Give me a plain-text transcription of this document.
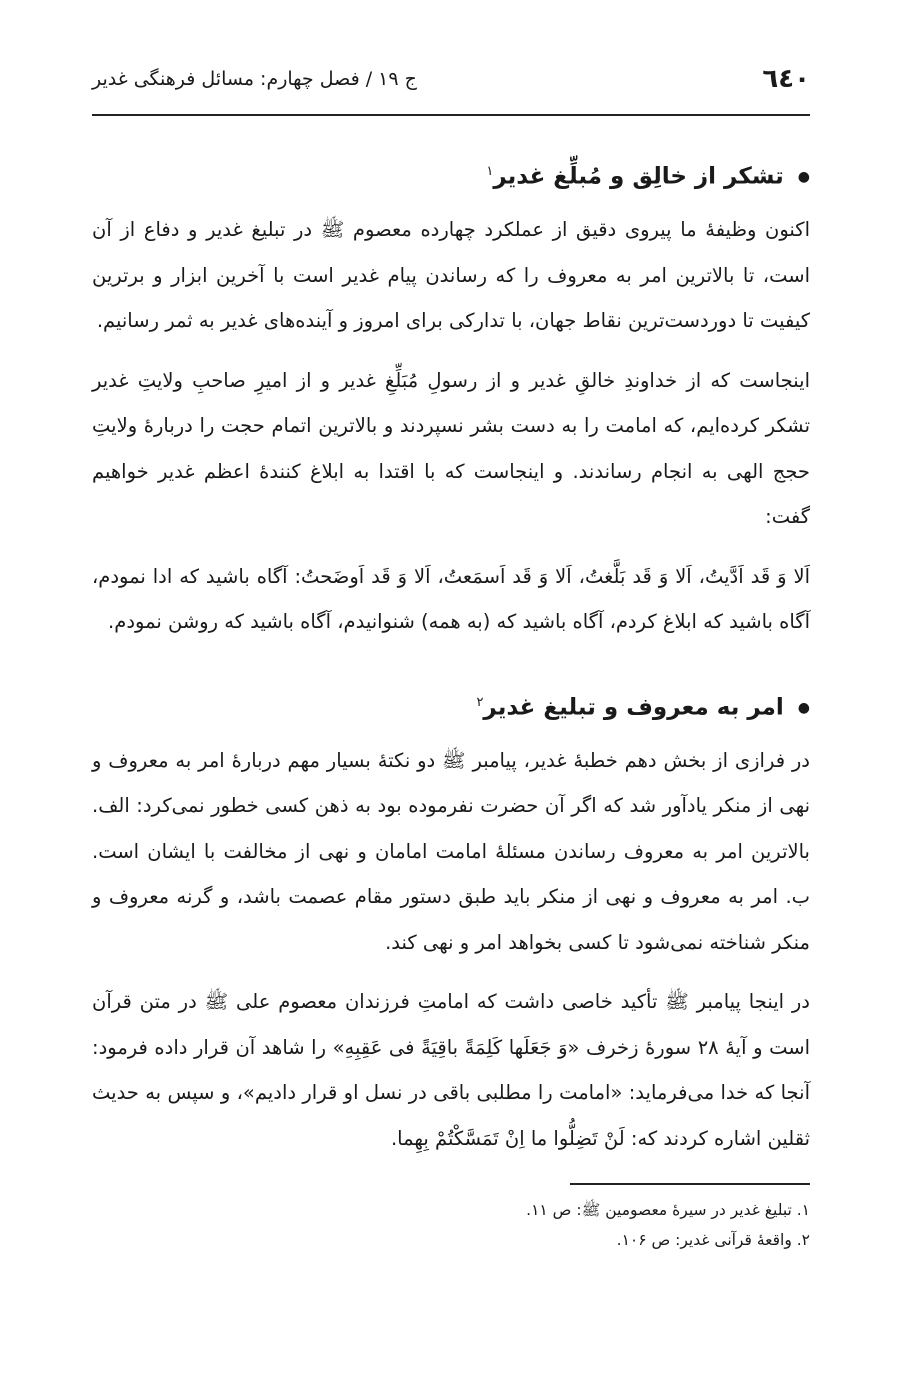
٦٤٠
ج ۱۹ / فصل چهارم: مسائل فرهنگی غدیر
●تشکر از خالِق و مُبلِّغ غدیر$^۱$

اکنون وظیفهٔ ما پیروی دقیق از عملکرد چهارده معصوم ﷺ در تبلیغ غدیر و دفاع از آن است، تا بالاترین امر به معروف را که رساندن پیام غدیر است با آخرین ابزار و برترین کیفیت تا دوردست‌ترین نقاط جهان، با تدارکی برای امروز و آینده‌های غدیر به ثمر رسانیم.

اینجاست که از خداوندِ خالقِ غدیر و از رسولِ مُبَلِّغِ غدیر و از امیرِ صاحبِ ولایتِ غدیر تشکر کرده‌ایم، که امامت را به دست بشر نسپردند و بالاترین اتمام حجت را دربارهٔ ولایتِ حجج الهی به انجام رساندند. و اینجاست که با اقتدا به ابلاغ کنندهٔ اعظم غدیر خواهیم گفت:

اَلا وَ قَد اَدَّیتُ، اَلا وَ قَد بَلَّغتُ، اَلا وَ قَد اَسمَعتُ، اَلا وَ قَد اَوضَحتُ: آگاه باشید که ادا نمودم، آگاه باشید که ابلاغ کردم، آگاه باشید که (به همه) شنوانیدم، آگاه باشید که روشن نمودم.

●امر به معروف و تبلیغ غدیر$^۲$

در فرازی از بخش دهم خطبهٔ غدیر، پیامبر ﷺ دو نکتهٔ بسیار مهم دربارهٔ امر به معروف و نهی از منکر یادآور شد که اگر آن حضرت نفرموده بود به ذهن کسی خطور نمی‌کرد: الف. بالاترین امر به معروف رساندن مسئلهٔ امامت امامان و نهی از مخالفت با ایشان است. ب. امر به معروف و نهی از منکر باید طبق دستور مقام عصمت باشد، و گرنه معروف و منکر شناخته نمی‌شود تا کسی بخواهد امر و نهی کند.

در اینجا پیامبر ﷺ تأکید خاصی داشت که امامتِ فرزندان معصوم علی ﷺ در متن قرآن است و آیهٔ ۲۸ سورهٔ زخرف «وَ جَعَلَها کَلِمَةً باقِیَةً فی عَقِبِهِ» را شاهد آن قرار داده فرمود: آنجا که خدا می‌فرماید: «امامت را مطلبی باقی در نسل او قرار دادیم»، و سپس به حدیث ثقلین اشاره کردند که: لَنْ تَضِلُّوا ما اِنْ تَمَسَّکْتُمْ بِهِما.

۱. تبلیغ غدیر در سیرهٔ معصومین ﷺ: ص ۱۱.

۲. واقعهٔ قرآنی غدیر: ص ۱۰۶.
